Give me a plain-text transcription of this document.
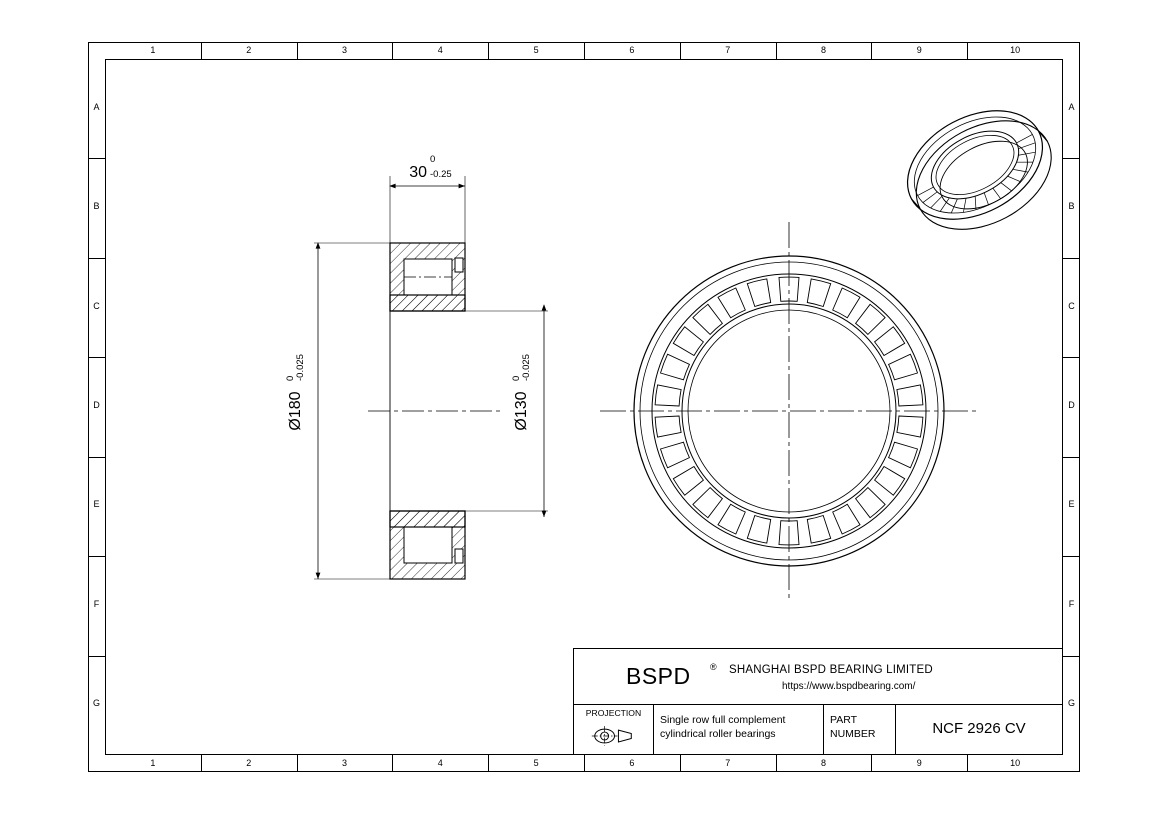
1
1
2
2
3
3
4
4
5
5
6
6
7
7
8
8
9
9
10
10
A	A
B	B
C	C
D	D
E	E
F	F
G	G
30
0
-0.25
Ø180
0 -0.025
Ø130
0 -0.025
BSPD ® SHANGHAI BSPD BEARING LIMITED
https://www.bspdbearing.com/
PROJECTION
Single row full complement
cylindrical roller bearings
PART
NUMBER	NCF 2926 CV
